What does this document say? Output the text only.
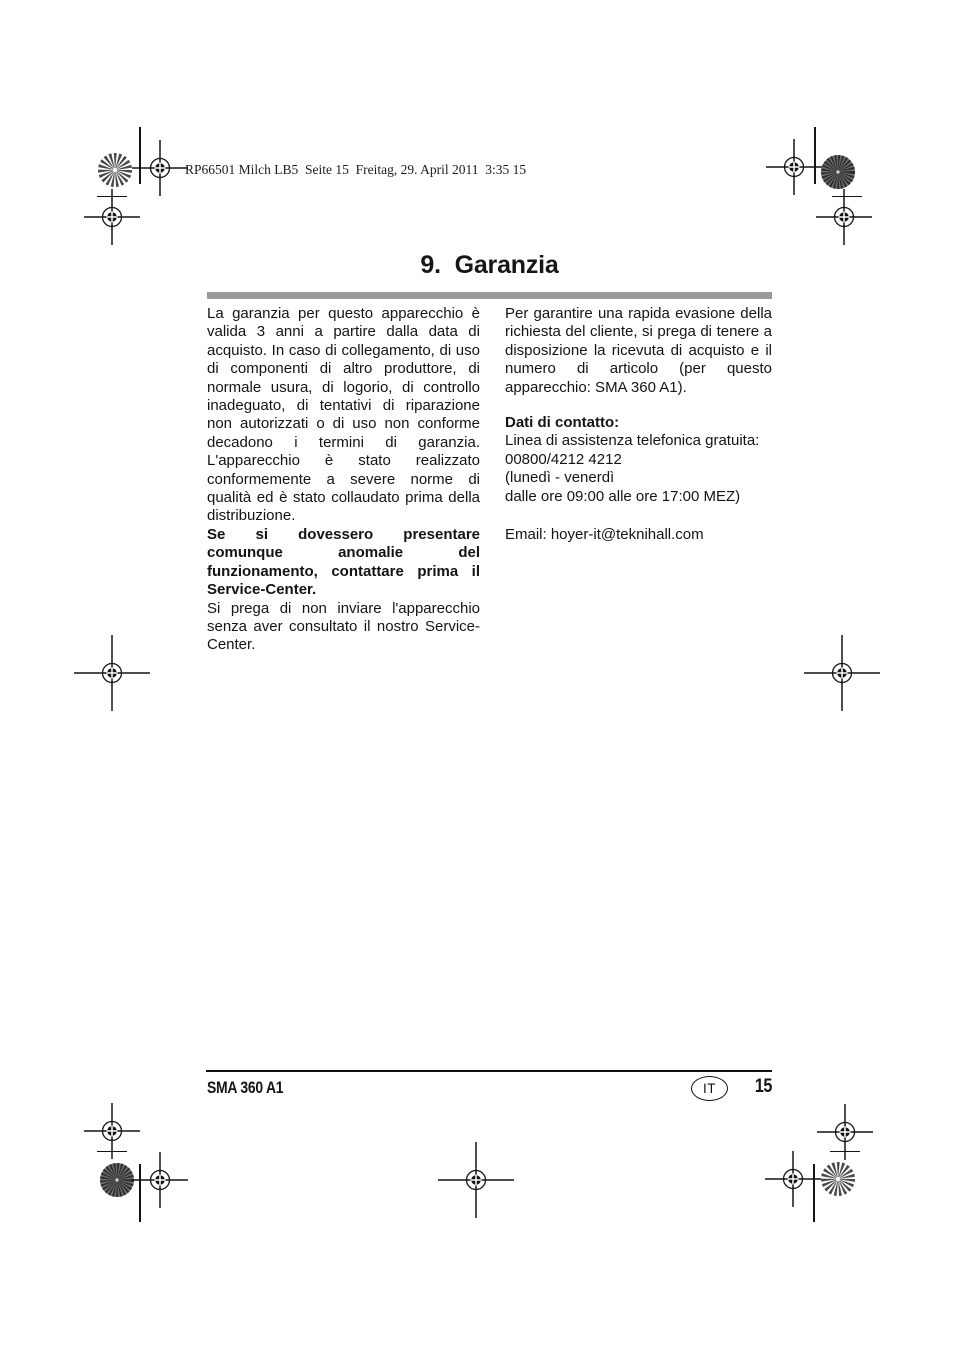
RP66501 Milch LB5  Seite 15  Freitag, 29. April 2011  3:35 15
9. Garanzia

La garanzia per questo apparecchio è valida 3 anni a partire dalla data di acquisto. In caso di collegamento, di uso di componenti di altro produttore, di normale usura, di logorio, di controllo inadeguato, di tentativi di riparazione non autorizzati o di uso non conforme decadono i termini di garanzia. L'apparecchio è stato realizzato conformemente a severe norme di qualità ed è stato collaudato prima della distribuzione.

Se si dovessero presentare comunque anomalie del funzionamento, contattare prima il Service-Center.

Si prega di non inviare l'apparecchio senza aver consultato il nostro Service-Center.

Per garantire una rapida evasione della richiesta del cliente, si prega di tenere a disposizione la ricevuta di acquisto e il numero di articolo (per questo apparecchio: SMA 360 A1).

Dati di contatto:

Linea di assistenza telefonica gratuita:
00800/4212 4212
(lunedì - venerdì
dalle ore 09:00 alle ore 17:00 MEZ)
Email: hoyer-it@teknihall.com
SMA 360 A1	IT	15
